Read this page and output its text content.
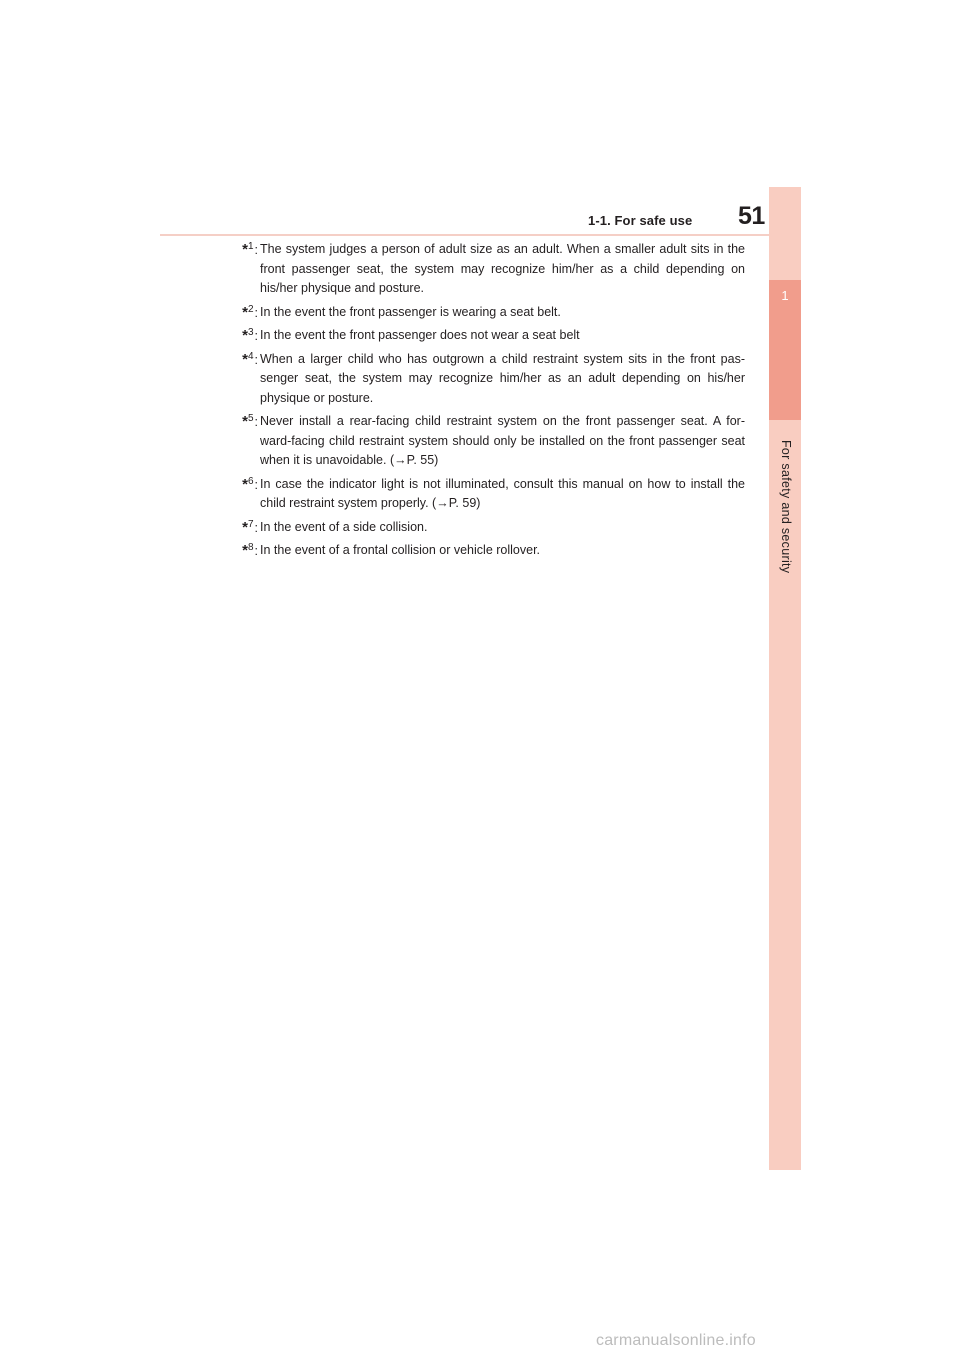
1-1. For safe use 51
1
For safety and security
*$^1$: The system judges a person of adult size as an adult. When a smaller adult sits in the front passenger seat, the system may recognize him/her as a child depending on his/her physique and posture.
*$^2$: In the event the front passenger is wearing a seat belt.
*$^3$: In the event the front passenger does not wear a seat belt
*$^4$: When a larger child who has outgrown a child restraint system sits in the front pas-senger seat, the system may recognize him/her as an adult depending on his/her physique or posture.
*$^5$: Never install a rear-facing child restraint system on the front passenger seat. A for-ward-facing child restraint system should only be installed on the front passenger seat when it is unavoidable. (→P. 55)
*$^6$: In case the indicator light is not illuminated, consult this manual on how to install the child restraint system properly. (→P. 59)
*$^7$: In the event of a side collision.
*$^8$: In the event of a frontal collision or vehicle rollover.
carmanualsonline.info
